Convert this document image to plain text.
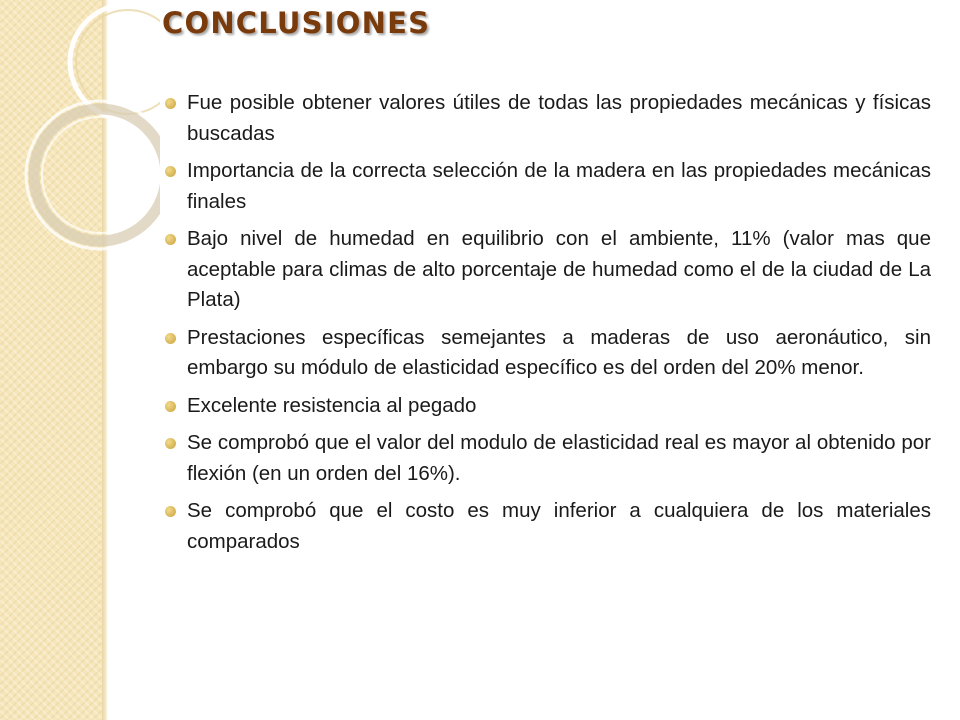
CONCLUSIONES
Fue posible obtener valores útiles de todas las propiedades mecánicas y físicas buscadas
Importancia de la correcta selección de la madera en las propiedades mecánicas finales
Bajo nivel de humedad en equilibrio con el ambiente, 11% (valor mas que aceptable para climas de alto porcentaje de humedad como el de la ciudad de La Plata)
Prestaciones específicas semejantes a maderas de uso aeronáutico, sin embargo su módulo de elasticidad específico es del orden del 20% menor.
Excelente resistencia al pegado
Se comprobó que el valor del modulo de elasticidad real es mayor al obtenido por flexión (en un orden del 16%).
Se comprobó que el costo es muy inferior a cualquiera de los materiales comparados
